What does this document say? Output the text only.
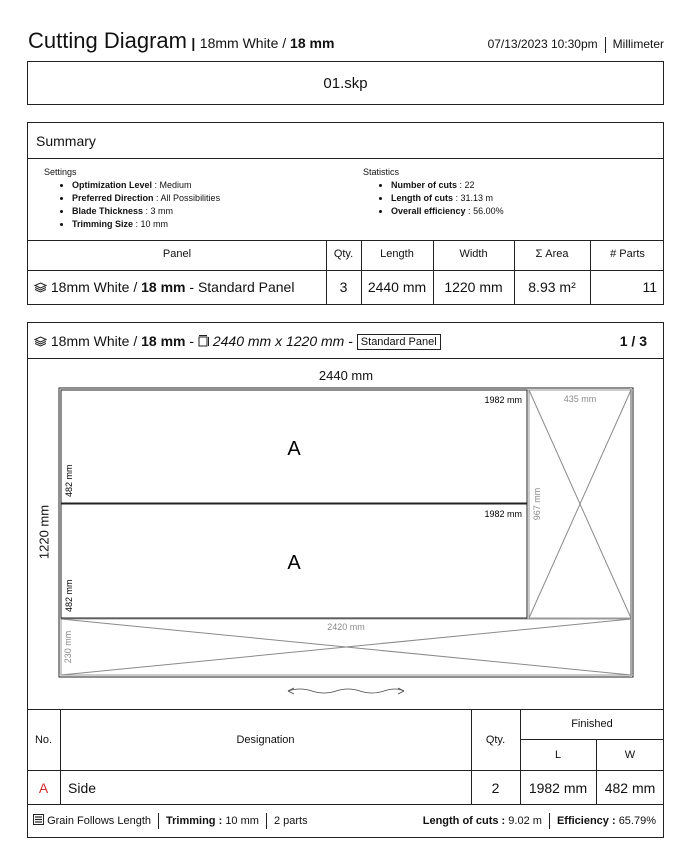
Cutting Diagram | 18mm White / 18 mm	07/13/2023 10:30pm Millimeter
01.skp
Summary
Settings
• Optimization Level : Medium
• Preferred Direction : All Possibilities
• Blade Thickness : 3 mm
• Trimming Size : 10 mm
Statistics
• Number of cuts : 22
• Length of cuts : 31.13 m
• Overall efficiency : 56.00%
Panel	Qty.	Length	Width	Σ Area	# Parts
18mm White / 18 mm - Standard Panel	3	2440 mm	1220 mm	8.93 m²	11
18mm White / 18 mm -  2440 mm x 1220 mm - Standard Panel	1 / 3
2440 mm
1220 mm
A
1982 mm
482 mm
A
1982 mm
482 mm
435 mm
967 mm
2420 mm
230 mm
No.	Designation	Qty.
Finished
L	W
A	Side	2	1982 mm	482 mm
Grain Follows Length Trimming : 10 mm 2 parts	Length of cuts : 9.02 m Efficiency : 65.79%
